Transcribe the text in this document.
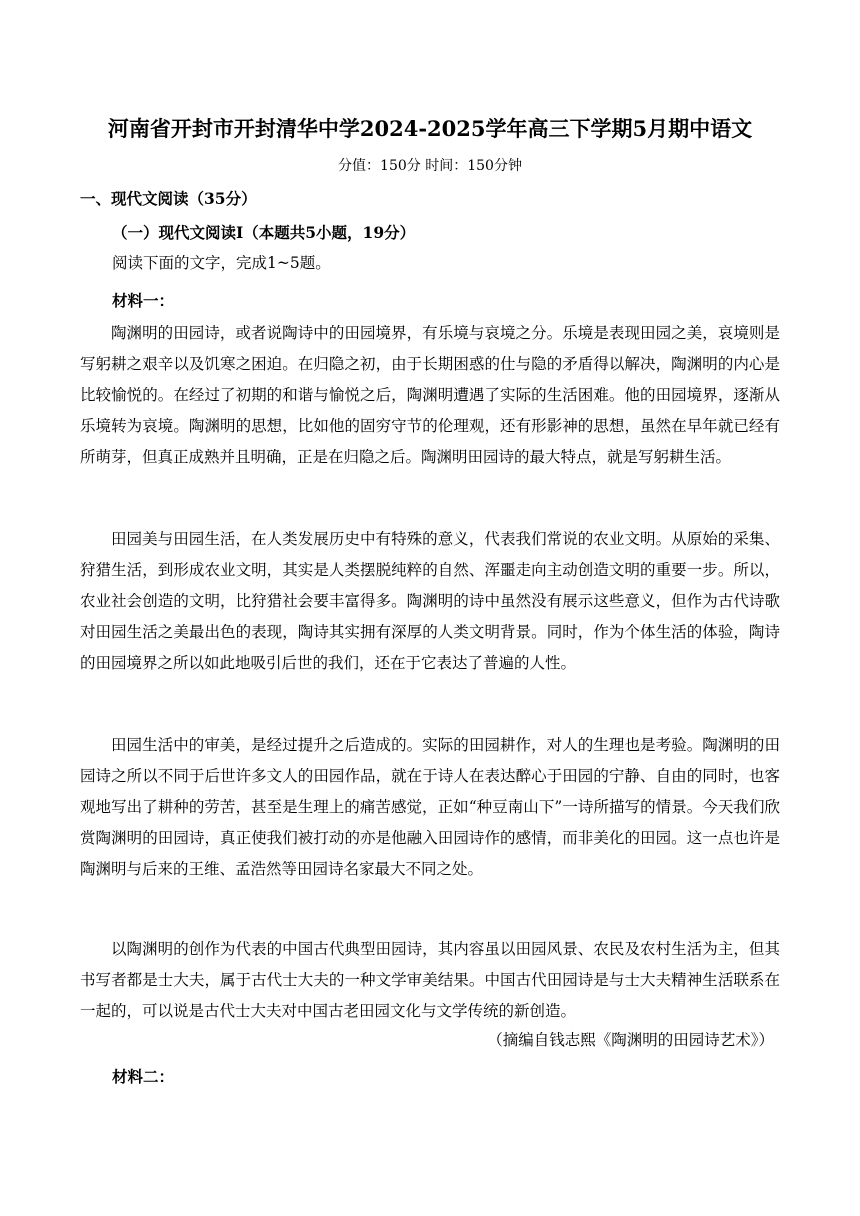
河南省开封市开封清华中学2024-2025学年高三下学期5月期中语文
分值：150分 时间：150分钟
一、现代文阅读（35分）
（一）现代文阅读Ⅰ（本题共5小题，19分）
阅读下面的文字，完成1~5题。
材料一：

陶渊明的田园诗，或者说陶诗中的田园境界，有乐境与哀境之分。乐境是表现田园之美，哀境则是写躬耕之艰辛以及饥寒之困迫。在归隐之初，由于长期困惑的仕与隐的矛盾得以解决，陶渊明的内心是比较愉悦的。在经过了初期的和谐与愉悦之后，陶渊明遭遇了实际的生活困难。他的田园境界，逐渐从乐境转为哀境。陶渊明的思想，比如他的固穷守节的伦理观，还有形影神的思想，虽然在早年就已经有所萌芽，但真正成熟并且明确，正是在归隐之后。陶渊明田园诗的最大特点，就是写躬耕生活。

田园美与田园生活，在人类发展历史中有特殊的意义，代表我们常说的农业文明。从原始的采集、狩猎生活，到形成农业文明，其实是人类摆脱纯粹的自然、浑噩走向主动创造文明的重要一步。所以，农业社会创造的文明，比狩猎社会要丰富得多。陶渊明的诗中虽然没有展示这些意义，但作为古代诗歌对田园生活之美最出色的表现，陶诗其实拥有深厚的人类文明背景。同时，作为个体生活的体验，陶诗的田园境界之所以如此地吸引后世的我们，还在于它表达了普遍的人性。

田园生活中的审美，是经过提升之后造成的。实际的田园耕作，对人的生理也是考验。陶渊明的田园诗之所以不同于后世许多文人的田园作品，就在于诗人在表达醉心于田园的宁静、自由的同时，也客观地写出了耕种的劳苦，甚至是生理上的痛苦感觉，正如“种豆南山下”一诗所描写的情景。今天我们欣赏陶渊明的田园诗，真正使我们被打动的亦是他融入田园诗作的感情，而非美化的田园。这一点也许是陶渊明与后来的王维、孟浩然等田园诗名家最大不同之处。

以陶渊明的创作为代表的中国古代典型田园诗，其内容虽以田园风景、农民及农村生活为主，但其书写者都是士大夫，属于古代士大夫的一种文学审美结果。中国古代田园诗是与士大夫精神生活联系在一起的，可以说是古代士大夫对中国古老田园文化与文学传统的新创造。

（摘编自钱志熙《陶渊明的田园诗艺术》）
材料二：
